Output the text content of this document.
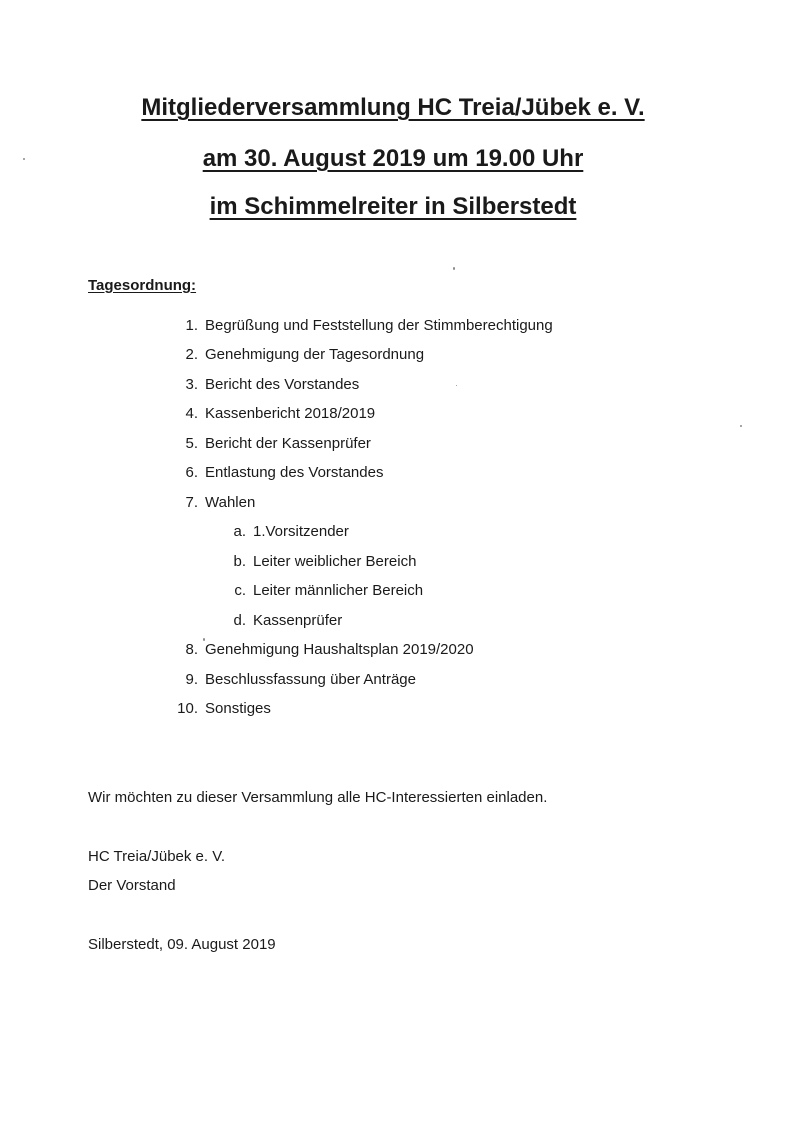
Mitgliederversammlung HC Treia/Jübek e. V.
am 30. August 2019 um 19.00 Uhr
im Schimmelreiter in Silberstedt
Tagesordnung:
1. Begrüßung und Feststellung der Stimmberechtigung
2. Genehmigung der Tagesordnung
3. Bericht des Vorstandes
4. Kassenbericht 2018/2019
5. Bericht der Kassenprüfer
6. Entlastung des Vorstandes
7. Wahlen
a. 1.Vorsitzender
b. Leiter weiblicher Bereich
c. Leiter männlicher Bereich
d. Kassenprüfer
8. Genehmigung Haushaltsplan 2019/2020
9. Beschlussfassung über Anträge
10. Sonstiges
Wir möchten zu dieser Versammlung alle HC-Interessierten einladen.
HC Treia/Jübek e. V.
Der Vorstand
Silberstedt, 09. August 2019
